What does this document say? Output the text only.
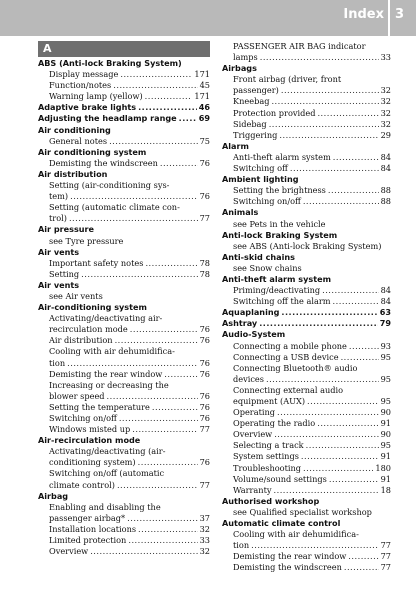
Index 3
A
ABS (Anti-lock Braking System)
Display message .....	171
Function/notes .....	45
Warning lamp (yellow) .....	171
Adaptive brake lights .....	46
Adjusting the headlamp range .....	69
Air conditioning
General notes .....	75
Air conditioning system
Demisting the windscreen .....	76
Air distribution
Setting (air-conditioning sys-
tem) .....	76
Setting (automatic climate con-
trol) .....	77
Air pressure
see Tyre pressure
Air vents
Important safety notes .....	78
Setting .....	78
Air vents
see Air vents
Air-conditioning system
Activating/deactivating air-
recirculation mode .....	76
Air distribution .....	76
Cooling with air dehumidifica-
tion .....	76
Demisting the rear window .....	76
Increasing or decreasing the
blower speed .....	76
Setting the temperature .....	76
Switching on/off .....	76
Windows misted up .....	77
Air-recirculation mode
Activating/deactivating (air-
conditioning system) .....	76
Switching on/off (automatic
climate control) .....	77
Airbag
Enabling and disabling the
passenger airbag* .....	37
Installation locations .....	32
Limited protection .....	33
Overview .....	32
PASSENGER AIR BAG indicator
lamps .....	33
Airbags
Front airbag (driver, front
passenger) .....	32
Kneebag .....	32
Protection provided .....	32
Sidebag .....	32
Triggering .....	29
Alarm
Anti-theft alarm system .....	84
Switching off .....	84
Ambient lighting
Setting the brightness .....	88
Switching on/off .....	88
Animals
see Pets in the vehicle
Anti-lock Braking System
see ABS (Anti-lock Braking System)
Anti-skid chains
see Snow chains
Anti-theft alarm system
Priming/deactivating .....	84
Switching off the alarm .....	84
Aquaplaning .....	63
Ashtray .....	79
Audio-System
Connecting a mobile phone .....	93
Connecting a USB device .....	95
Connecting Bluetooth® audio
devices .....	95
Connecting external audio
equipment (AUX) .....	95
Operating .....	90
Operating the radio .....	91
Overview .....	90
Selecting a track .....	95
System settings .....	91
Troubleshooting .....	180
Volume/sound settings .....	91
Warranty .....	18
Authorised workshop
see Qualified specialist workshop
Automatic climate control
Cooling with air dehumidifica-
tion .....	77
Demisting the rear window .....	77
Demisting the windscreen .....	77
